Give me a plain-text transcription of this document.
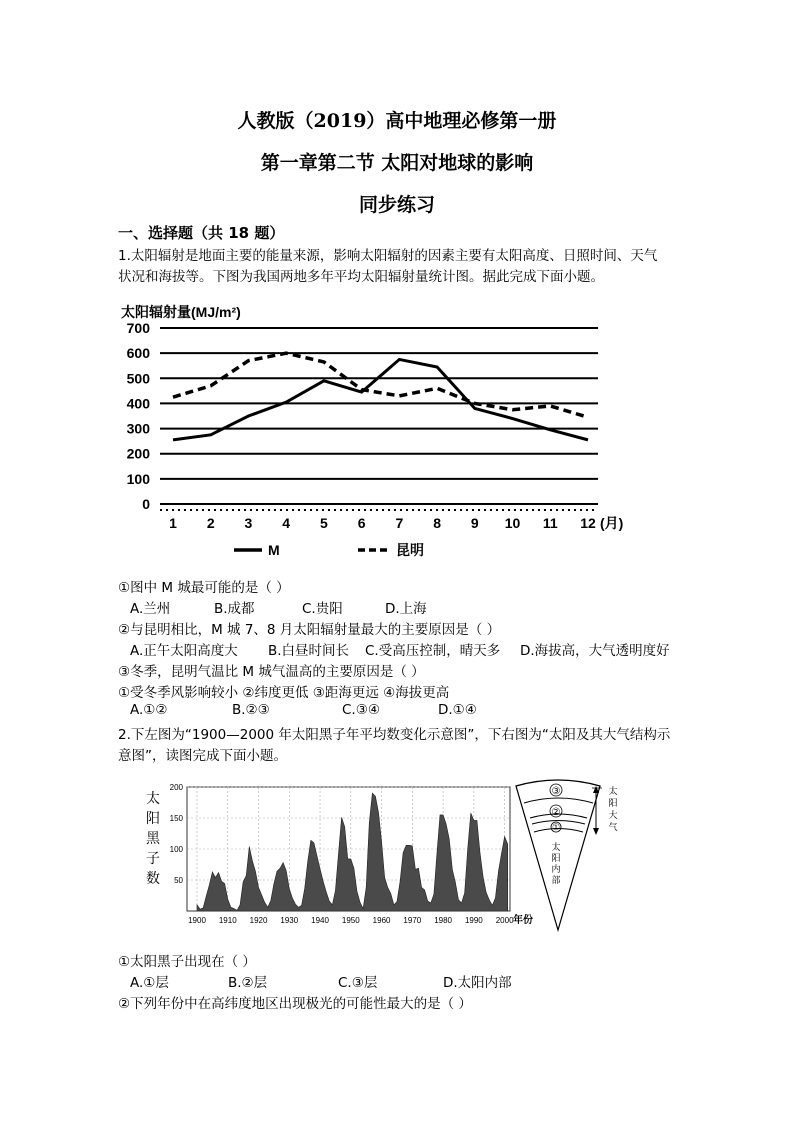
人教版（2019）高中地理必修第一册
第一章第二节 太阳对地球的影响
同步练习
一、选择题（共 18 题）
1.太阳辐射是地面主要的能量来源，影响太阳辐射的因素主要有太阳高度、日照时间、天气
状况和海拔等。下图为我国两地多年平均太阳辐射量统计图。据此完成下面小题。
太阳辐射量(MJ/m²)
0
100
200
300
400
500
600
700
1 2 3 4 5 6 7 8 9 10 11 12 (月)
M	昆明
①图中 M 城最可能的是（ ）
A.兰州	B.成都	C.贵阳	D.上海
②与昆明相比，M 城 7、8 月太阳辐射量最大的主要原因是（ ）
A.正午太阳高度大 B.白昼时间长 C.受高压控制，晴天多 D.海拔高，大气透明度好
③冬季，昆明气温比 M 城气温高的主要原因是（ ）
①受冬季风影响较小 ②纬度更低 ③距海更远 ④海拔更高
A.①②	B.②③	C.③④	D.①④
2.下左图为“1900—2000 年太阳黑子年平均数变化示意图”，下右图为“太阳及其大气结构示
意图”，读图完成下面小题。
太 阳黑子数	50
100
150
200
1900 1910 1920 1930 1940 1950 1960 1970 1980 1990 2000 年份
③
②
①
太阳内部
太阳大气
①太阳黑子出现在（ ）
A.①层	B.②层	C.③层	D.太阳内部
②下列年份中在高纬度地区出现极光的可能性最大的是（ ）
